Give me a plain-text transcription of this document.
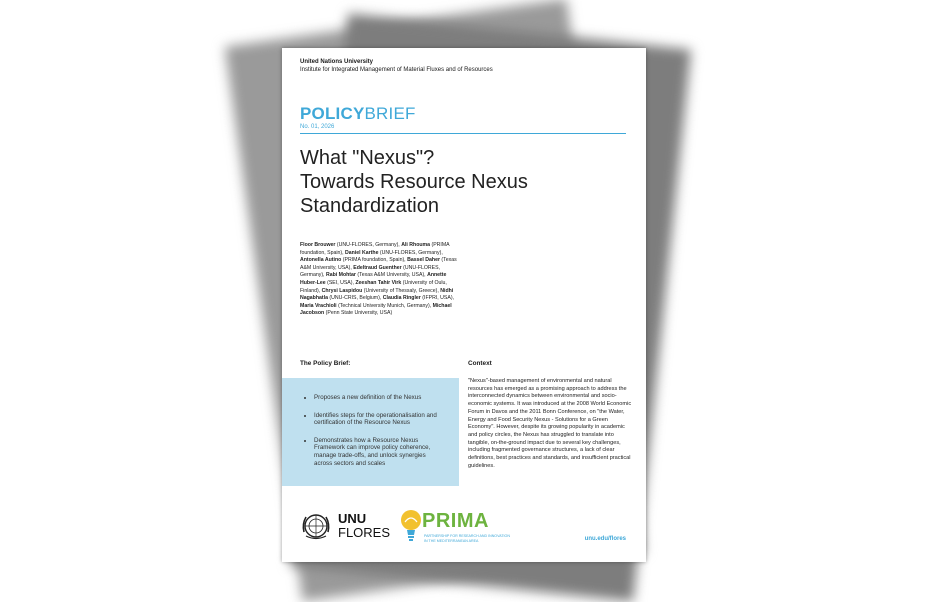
United Nations University
Institute for Integrated Management of Material Fluxes and of Resources
POLICYBRIEF
No. 01, 2026
What "Nexus"?
Towards Resource Nexus
Standardization
Floor Brouwer (UNU-FLORES, Germany), Ali Rhouma (PRIMA foundation, Spain), Daniel Karthe (UNU-FLORES, Germany), Antonella Autino (PRIMA foundation, Spain), Bassel Daher (Texas A&M University, USA), Edeltraud Guenther (UNU-FLORES, Germany), Rabi Mohtar (Texas A&M University, USA), Annette Huber-Lee (SEI, USA), Zeeshan Tahir Virk (University of Oulu, Finland), Chrysi Laspidou (University of Thessaly, Greece), Nidhi Nagabhatla (UNU-CRIS, Belgium), Claudia Ringler (IFPRI, USA), Maria Vrachioli (Technical University Munich, Germany), Michael Jacobson (Penn State University, USA)
The Policy Brief:	Context
• Proposes a new definition of the Nexus
• Identifies steps for the operationalisation and certification of the Resource Nexus
• Demonstrates how a Resource Nexus Framework can improve policy coherence, manage trade-offs, and unlock synergies across sectors and scales
"Nexus"-based management of environmental and natural resources has emerged as a promising approach to address the interconnected dynamics between environmental and socio-economic systems. It was introduced at the 2008 World Economic Forum in Davos and the 2011 Bonn Conference, on "the Water, Energy and Food Security Nexus - Solutions for a Green Economy". However, despite its growing popularity in academic and policy circles, the Nexus has struggled to translate into tangible, on-the-ground impact due to several key challenges, including fragmented governance structures, a lack of clear definitions, best practices and standards, and insufficient practical guidelines.
UNU
FLORES
PRIMA
PARTNERSHIP FOR RESEARCH AND INNOVATION IN THE MEDITERRANEAN AREA	unu.edu/flores
